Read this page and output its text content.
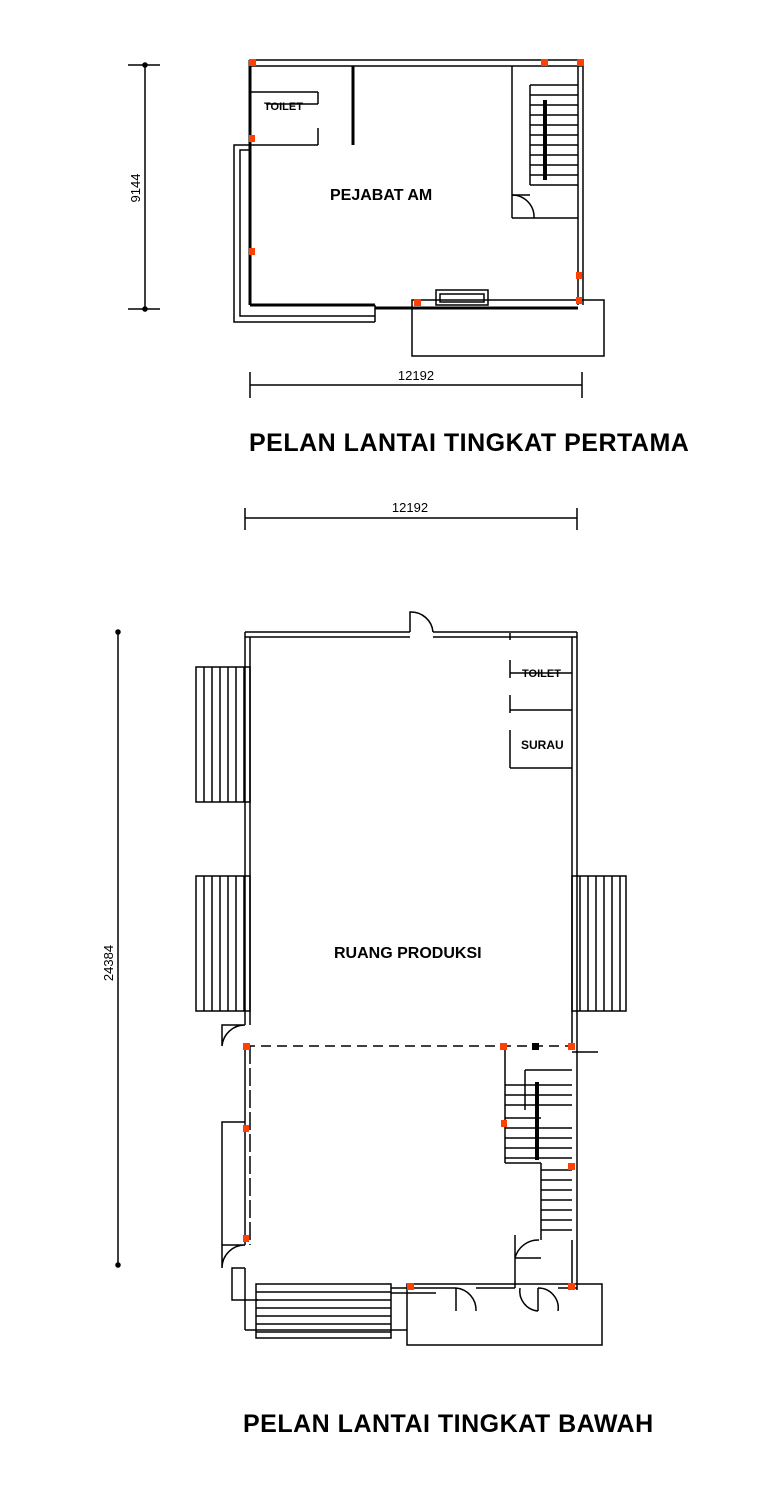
9144
12192
TOILET
PEJABAT AM
PELAN LANTAI TINGKAT PERTAMA
12192
24384
TOILET
SURAU
RUANG PRODUKSI
PELAN LANTAI TINGKAT BAWAH
